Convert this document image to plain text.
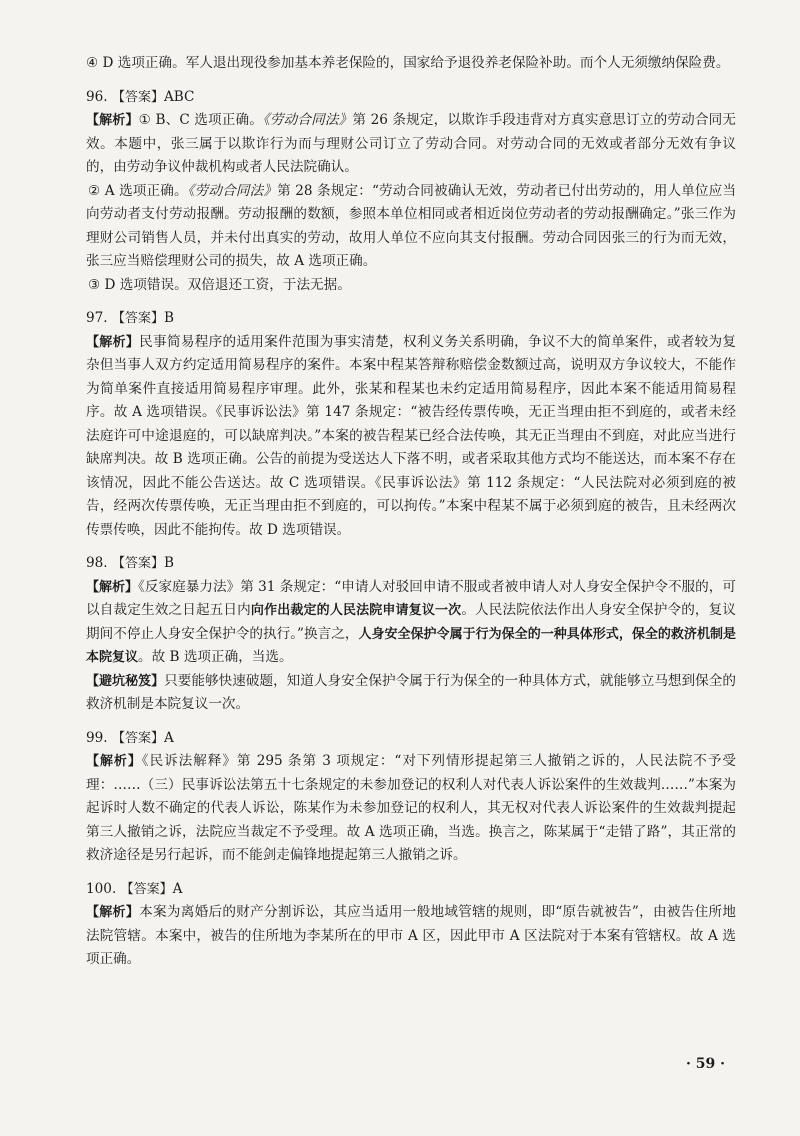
④ D 选项正确。军人退出现役参加基本养老保险的，国家给予退役养老保险补助。而个人无须缴纳保险费。

96. 【答案】ABC

【解析】① B、C 选项正确。《劳动合同法》第 26 条规定，以欺诈手段违背对方真实意思订立的劳动合同无效。本题中，张三属于以欺诈行为而与理财公司订立了劳动合同。对劳动合同的无效或者部分无效有争议的，由劳动争议仲裁机构或者人民法院确认。

② A 选项正确。《劳动合同法》第 28 条规定：“劳动合同被确认无效，劳动者已付出劳动的，用人单位应当向劳动者支付劳动报酬。劳动报酬的数额，参照本单位相同或者相近岗位劳动者的劳动报酬确定。”张三作为理财公司销售人员，并未付出真实的劳动，故用人单位不应向其支付报酬。劳动合同因张三的行为而无效，张三应当赔偿理财公司的损失，故 A 选项正确。

③ D 选项错误。双倍退还工资，于法无据。

97. 【答案】B

【解析】民事简易程序的适用案件范围为事实清楚，权利义务关系明确，争议不大的简单案件，或者较为复杂但当事人双方约定适用简易程序的案件。本案中程某答辩称赔偿金数额过高，说明双方争议较大，不能作为简单案件直接适用简易程序审理。此外，张某和程某也未约定适用简易程序，因此本案不能适用简易程序。故 A 选项错误。《民事诉讼法》第 147 条规定：“被告经传票传唤，无正当理由拒不到庭的，或者未经法庭许可中途退庭的，可以缺席判决。”本案的被告程某已经合法传唤，其无正当理由不到庭，对此应当进行缺席判决。故 B 选项正确。公告的前提为受送达人下落不明，或者采取其他方式均不能送达，而本案不存在该情况，因此不能公告送达。故 C 选项错误。《民事诉讼法》第 112 条规定：“人民法院对必须到庭的被告，经两次传票传唤，无正当理由拒不到庭的，可以拘传。”本案中程某不属于必须到庭的被告，且未经两次传票传唤，因此不能拘传。故 D 选项错误。

98. 【答案】B

【解析】《反家庭暴力法》第 31 条规定：“申请人对驳回申请不服或者被申请人对人身安全保护令不服的，可以自裁定生效之日起五日内向作出裁定的人民法院申请复议一次。人民法院依法作出人身安全保护令的，复议期间不停止人身安全保护令的执行。”换言之，人身安全保护令属于行为保全的一种具体形式，保全的救济机制是本院复议。故 B 选项正确，当选。

【避坑秘笈】只要能够快速破题，知道人身安全保护令属于行为保全的一种具体方式，就能够立马想到保全的救济机制是本院复议一次。

99. 【答案】A

【解析】《民诉法解释》第 295 条第 3 项规定：“对下列情形提起第三人撤销之诉的，人民法院不予受理：……（三）民事诉讼法第五十七条规定的未参加登记的权利人对代表人诉讼案件的生效裁判……”本案为起诉时人数不确定的代表人诉讼，陈某作为未参加登记的权利人，其无权对代表人诉讼案件的生效裁判提起第三人撤销之诉，法院应当裁定不予受理。故 A 选项正确，当选。换言之，陈某属于“走错了路”，其正常的救济途径是另行起诉，而不能剑走偏锋地提起第三人撤销之诉。

100. 【答案】A

【解析】本案为离婚后的财产分割诉讼，其应当适用一般地域管辖的规则，即“原告就被告”，由被告住所地法院管辖。本案中，被告的住所地为李某所在的甲市 A 区，因此甲市 A 区法院对于本案有管辖权。故 A 选项正确。

· 59 ·
